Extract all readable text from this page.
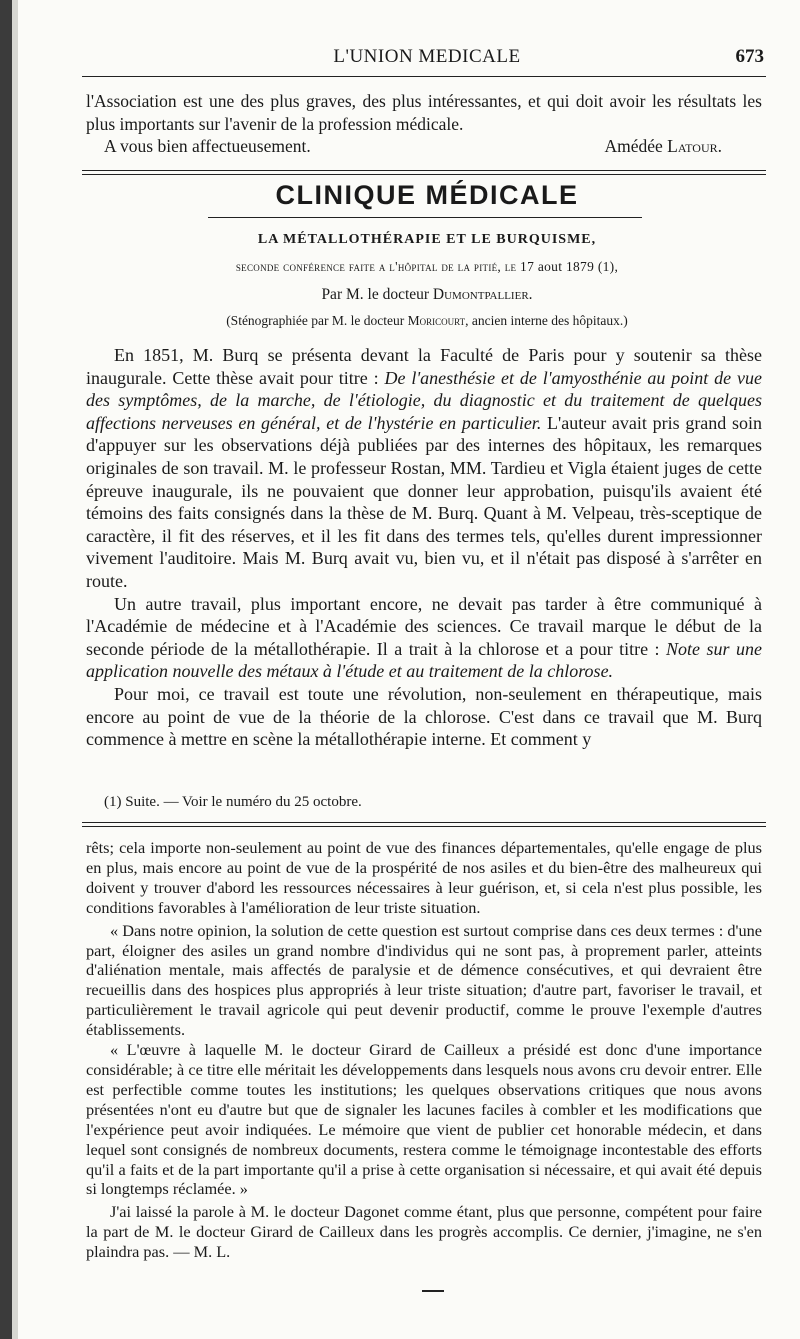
L'UNION MEDICALE	673

l'Association est une des plus graves, des plus intéressantes, et qui doit avoir les résultats les plus importants sur l'avenir de la profession médicale.

A vous bien affectueusement.	Amédée Latour.
CLINIQUE MÉDICALE
LA MÉTALLOTHÉRAPIE ET LE BURQUISME,
seconde conférence faite a l'hôpital de la pitié, le 17 aout 1879 (1),
Par M. le docteur Dumontpallier.
(Sténographiée par M. le docteur Moricourt, ancien interne des hôpitaux.)

En 1851, M. Burq se présenta devant la Faculté de Paris pour y soutenir sa thèse inaugurale. Cette thèse avait pour titre : De l'anesthésie et de l'amyosthénie au point de vue des symptômes, de la marche, de l'étiologie, du diagnostic et du traitement de quelques affections nerveuses en général, et de l'hystérie en particulier. L'auteur avait pris grand soin d'appuyer sur les observations déjà publiées par des internes des hôpitaux, les remarques originales de son travail. M. le professeur Rostan, MM. Tardieu et Vigla étaient juges de cette épreuve inaugurale, ils ne pouvaient que donner leur approbation, puisqu'ils avaient été témoins des faits consignés dans la thèse de M. Burq. Quant à M. Velpeau, très-sceptique de caractère, il fit des réserves, et il les fit dans des termes tels, qu'elles durent impressionner vivement l'auditoire. Mais M. Burq avait vu, bien vu, et il n'était pas disposé à s'arrêter en route.

Un autre travail, plus important encore, ne devait pas tarder à être communiqué à l'Académie de médecine et à l'Académie des sciences. Ce travail marque le début de la seconde période de la métallothérapie. Il a trait à la chlorose et a pour titre : Note sur une application nouvelle des métaux à l'étude et au traitement de la chlorose.

Pour moi, ce travail est toute une révolution, non-seulement en thérapeutique, mais encore au point de vue de la théorie de la chlorose. C'est dans ce travail que M. Burq commence à mettre en scène la métallothérapie interne. Et comment y

(1) Suite. — Voir le numéro du 25 octobre.

rêts; cela importe non-seulement au point de vue des finances départementales, qu'elle engage de plus en plus, mais encore au point de vue de la prospérité de nos asiles et du bien-être des malheureux qui doivent y trouver d'abord les ressources nécessaires à leur guérison, et, si cela n'est plus possible, les conditions favorables à l'amélioration de leur triste situation.

« Dans notre opinion, la solution de cette question est surtout comprise dans ces deux termes : d'une part, éloigner des asiles un grand nombre d'individus qui ne sont pas, à proprement parler, atteints d'aliénation mentale, mais affectés de paralysie et de démence consécutives, et qui devraient être recueillis dans des hospices plus appropriés à leur triste situation; d'autre part, favoriser le travail, et particulièrement le travail agricole qui peut devenir productif, comme le prouve l'exemple d'autres établissements.

« L'œuvre à laquelle M. le docteur Girard de Cailleux a présidé est donc d'une importance considérable; à ce titre elle méritait les développements dans lesquels nous avons cru devoir entrer. Elle est perfectible comme toutes les institutions; les quelques observations critiques que nous avons présentées n'ont eu d'autre but que de signaler les lacunes faciles à combler et les modifications que l'expérience peut avoir indiquées. Le mémoire que vient de publier cet honorable médecin, et dans lequel sont consignés de nombreux documents, restera comme le témoignage incontestable des efforts qu'il a faits et de la part importante qu'il a prise à cette organisation si nécessaire, et qui avait été depuis si longtemps réclamée. »

J'ai laissé la parole à M. le docteur Dagonet comme étant, plus que personne, compétent pour faire la part de M. le docteur Girard de Cailleux dans les progrès accomplis. Ce dernier, j'imagine, ne s'en plaindra pas. — M. L.
